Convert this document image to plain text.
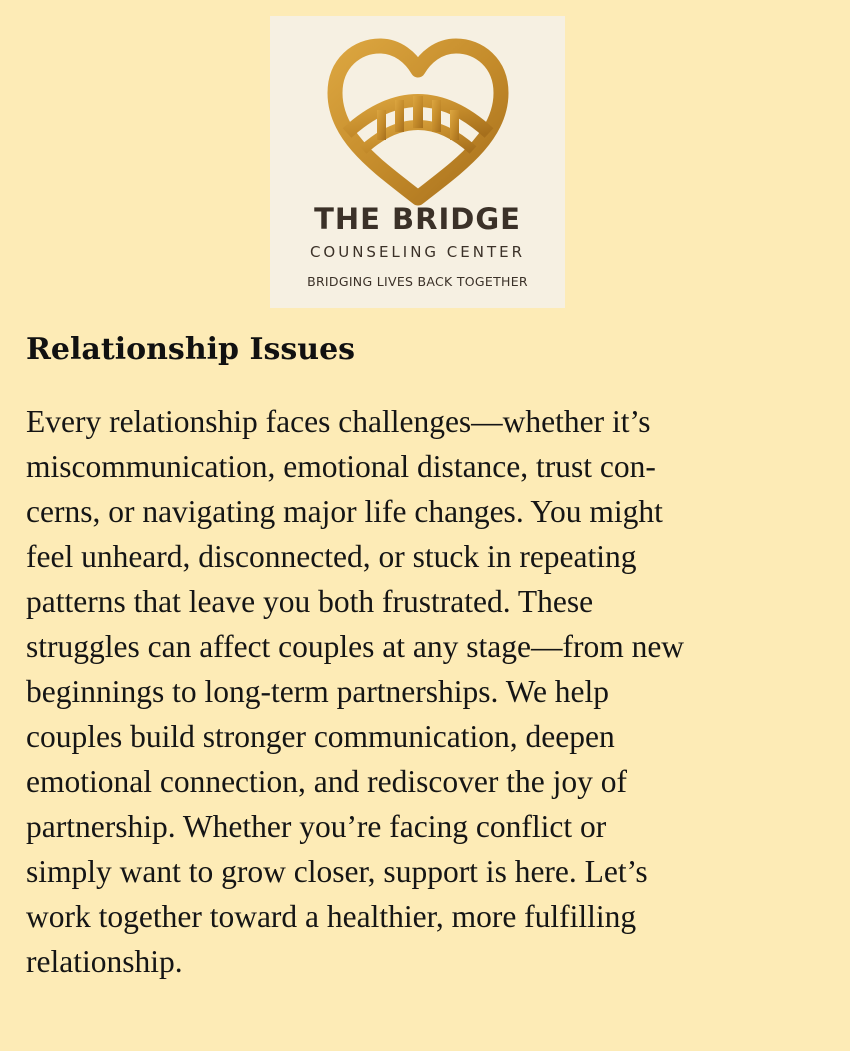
THE BRIDGE
COUNSELING CENTER
BRIDGING LIVES BACK TOGETHER
Relationship Issues

Every relationship faces challenges—whether it’s
miscommunication, emotional distance, trust con-
cerns, or navigating major life changes. You might
feel unheard, disconnected, or stuck in repeating
patterns that leave you both frustrated. These
struggles can affect couples at any stage—from new
beginnings to long-term partnerships. We help
couples build stronger communication, deepen
emotional connection, and rediscover the joy of
partnership. Whether you’re facing conflict or
simply want to grow closer, support is here. Let’s
work together toward a healthier, more fulfilling
relationship.
